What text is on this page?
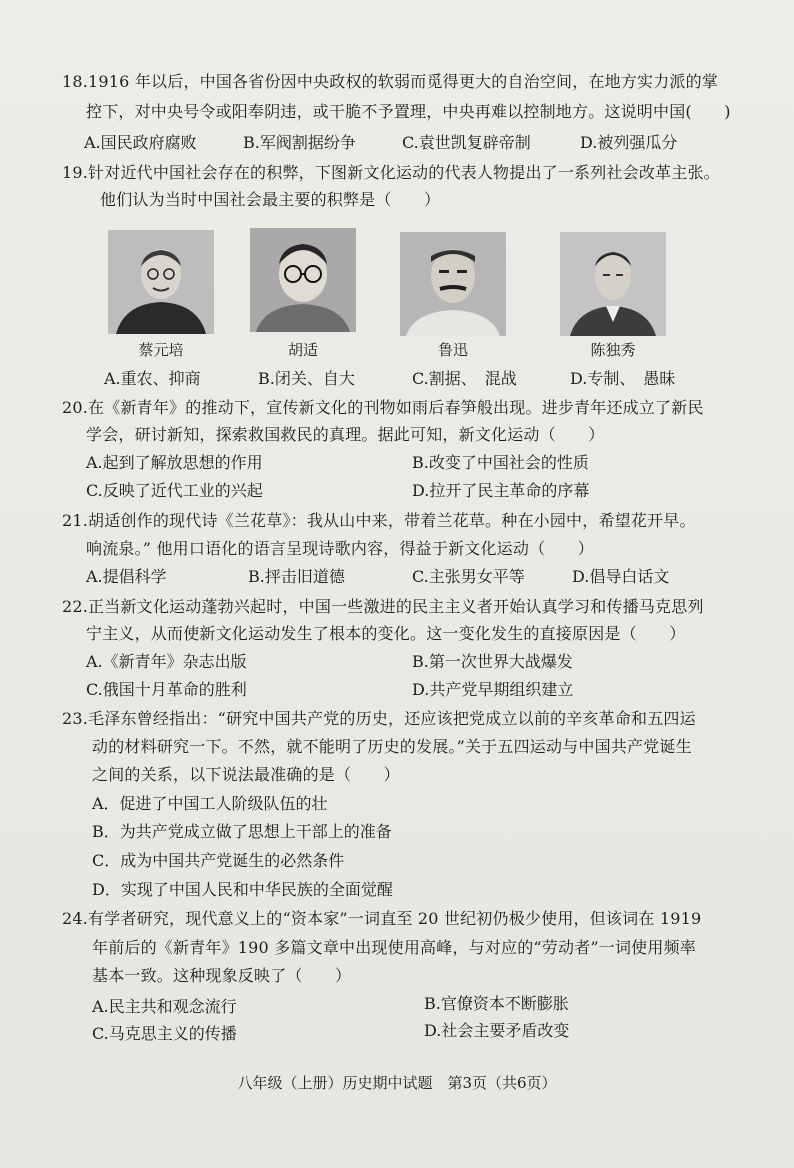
18.1916 年以后，中国各省份因中央政权的软弱而觅得更大的自治空间，在地方实力派的掌
控下，对中央号令或阳奉阴违，或干脆不予置理，中央再难以控制地方。这说明中国(　　)
A.国民政府腐败	B.军阀割据纷争	C.袁世凯复辟帝制	D.被列强瓜分
19.针对近代中国社会存在的积弊，下图新文化运动的代表人物提出了一系列社会改革主张。
他们认为当时中国社会最主要的积弊是（　　）
蔡元培	胡适	鲁迅	陈独秀
A.重农、抑商	B.闭关、自大	C.割据、　混战	D.专制、　愚昧
20.在《新青年》的推动下，宣传新文化的刊物如雨后春笋般出现。进步青年还成立了新民
学会，研讨新知，探索救国救民的真理。据此可知，新文化运动（　　）
A.起到了解放思想的作用	B.改变了中国社会的性质
C.反映了近代工业的兴起	D.拉开了民主革命的序幕
21.胡适创作的现代诗《兰花草》：我从山中来，带着兰花草。种在小园中，希望花开早。
响流泉。” 他用口语化的语言呈现诗歌内容，得益于新文化运动（　　）
A.提倡科学	B.抨击旧道德	C.主张男女平等	D.倡导白话文
22.正当新文化运动蓬勃兴起时，中国一些激进的民主主义者开始认真学习和传播马克思列
宁主义，从而使新文化运动发生了根本的变化。这一变化发生的直接原因是（　　）
A.《新青年》杂志出版	B.第一次世界大战爆发
C.俄国十月革命的胜利	D.共产党早期组织建立
23.毛泽东曾经指出：“研究中国共产党的历史，还应该把党成立以前的辛亥革命和五四运
动的材料研究一下。不然，就不能明了历史的发展。”关于五四运动与中国共产党诞生
之间的关系，以下说法最准确的是（　　）
A．促进了中国工人阶级队伍的壮
B．为共产党成立做了思想上干部上的准备
C．成为中国共产党诞生的必然条件
D．实现了中国人民和中华民族的全面觉醒
24.有学者研究，现代意义上的“资本家”一词直至 20 世纪初仍极少使用，但该词在 1919
年前后的《新青年》190 多篇文章中出现使用高峰，与对应的“劳动者”一词使用频率
基本一致。这种现象反映了（　　）
A.民主共和观念流行	B.官僚资本不断膨胀
C.马克思主义的传播	D.社会主要矛盾改变
八年级（上册）历史期中试题　第3页（共6页）
